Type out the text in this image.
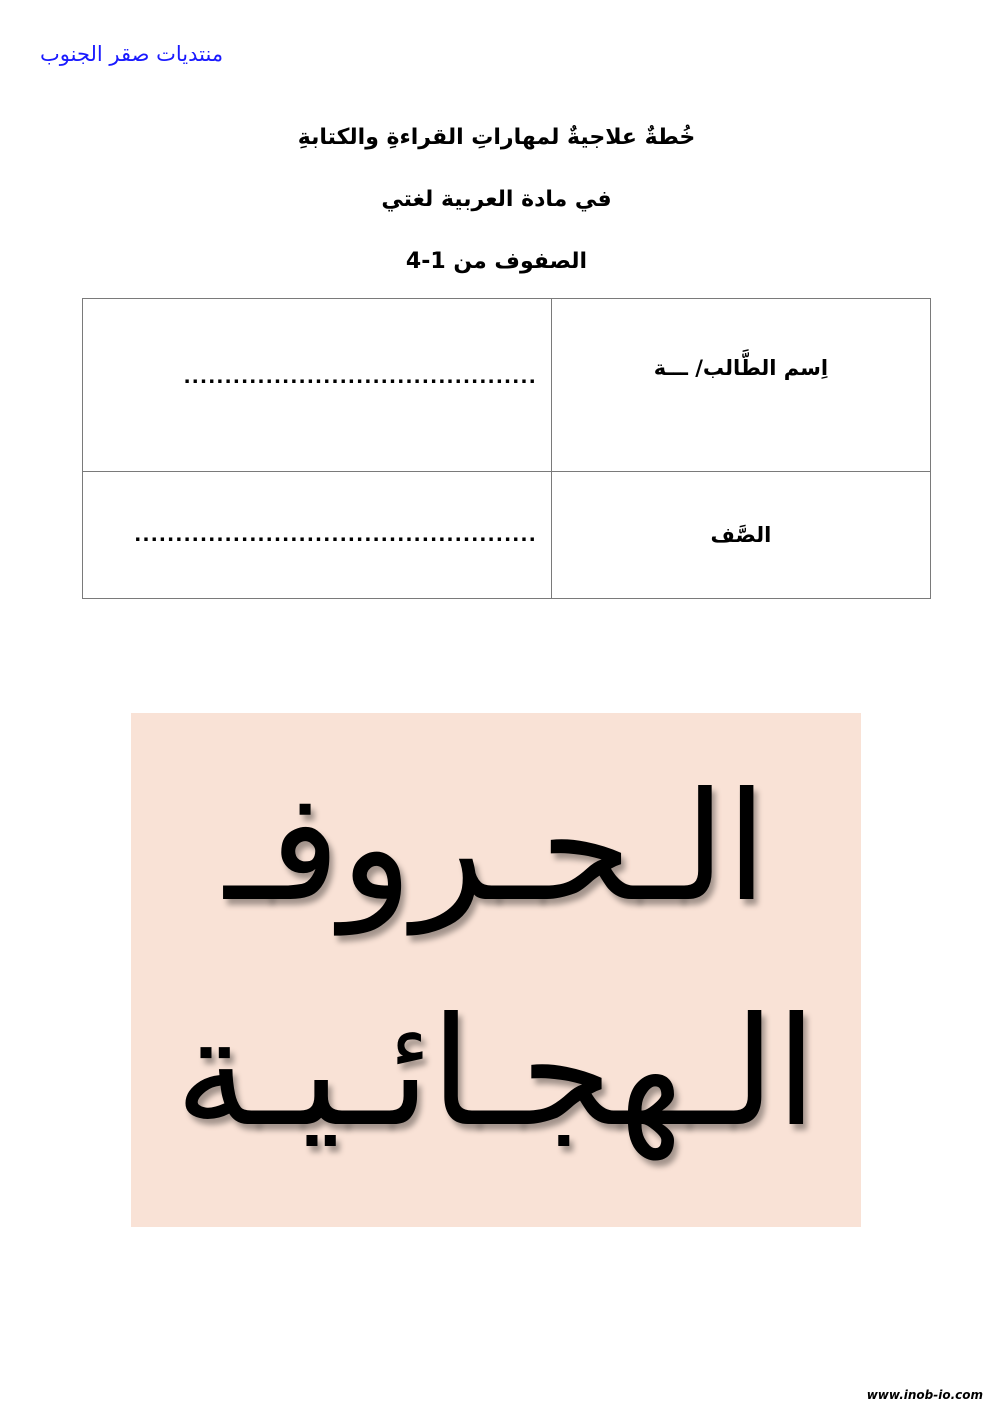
منتديات صقر الجنوب
خُطةٌ علاجيةٌ لمهاراتِ القراءةِ والكتابةِ
في مادة العربية لغتي
الصفوف من 1-4
اِسم الطَّالب/ ـــة	...........................................
الصَّف	.................................................
الـحـروفـ
الـهجـائـيـة
www.inob-io.com
